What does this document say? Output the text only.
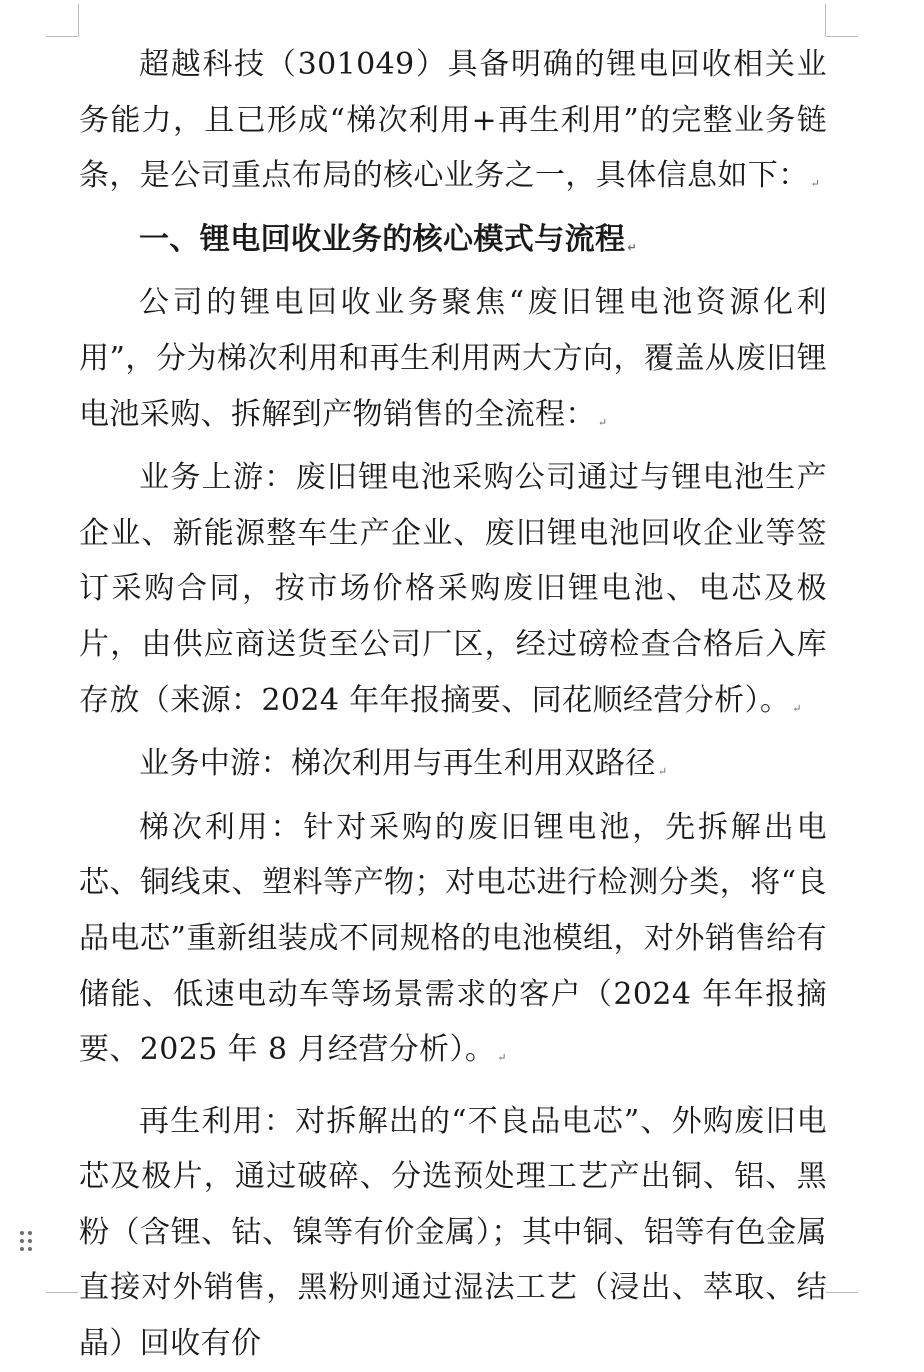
超越科技（301049）具备明确的锂电回收相关业务能力，且已形成“梯次利用+再生利用”的完整业务链条，是公司重点布局的核心业务之一，具体信息如下： ↵

一、锂电回收业务的核心模式与流程 ↵

公司的锂电回收业务聚焦“废旧锂电池资源化利用”，分为梯次利用和再生利用两大方向，覆盖从废旧锂电池采购、拆解到产物销售的全流程： ↵

业务上游：废旧锂电池采购公司通过与锂电池生产企业、新能源整车生产企业、废旧锂电池回收企业等签订采购合同，按市场价格采购废旧锂电池、电芯及极片，由供应商送货至公司厂区，经过磅检查合格后入库存放（来源：2024 年年报摘要、同花顺经营分析）。 ↵

业务中游：梯次利用与再生利用双路径 ↵

梯次利用：针对采购的废旧锂电池，先拆解出电芯、铜线束、塑料等产物；对电芯进行检测分类，将“良品电芯”重新组装成不同规格的电池模组，对外销售给有储能、低速电动车等场景需求的客户（2024 年年报摘要、2025 年 8 月经营分析）。 ↵

再生利用：对拆解出的“不良品电芯”、外购废旧电芯及极片，通过破碎、分选预处理工艺产出铜、铝、黑粉（含锂、钴、镍等有价金属）；其中铜、铝等有色金属直接对外销售，黑粉则通过湿法工艺（浸出、萃取、结晶）回收有价
